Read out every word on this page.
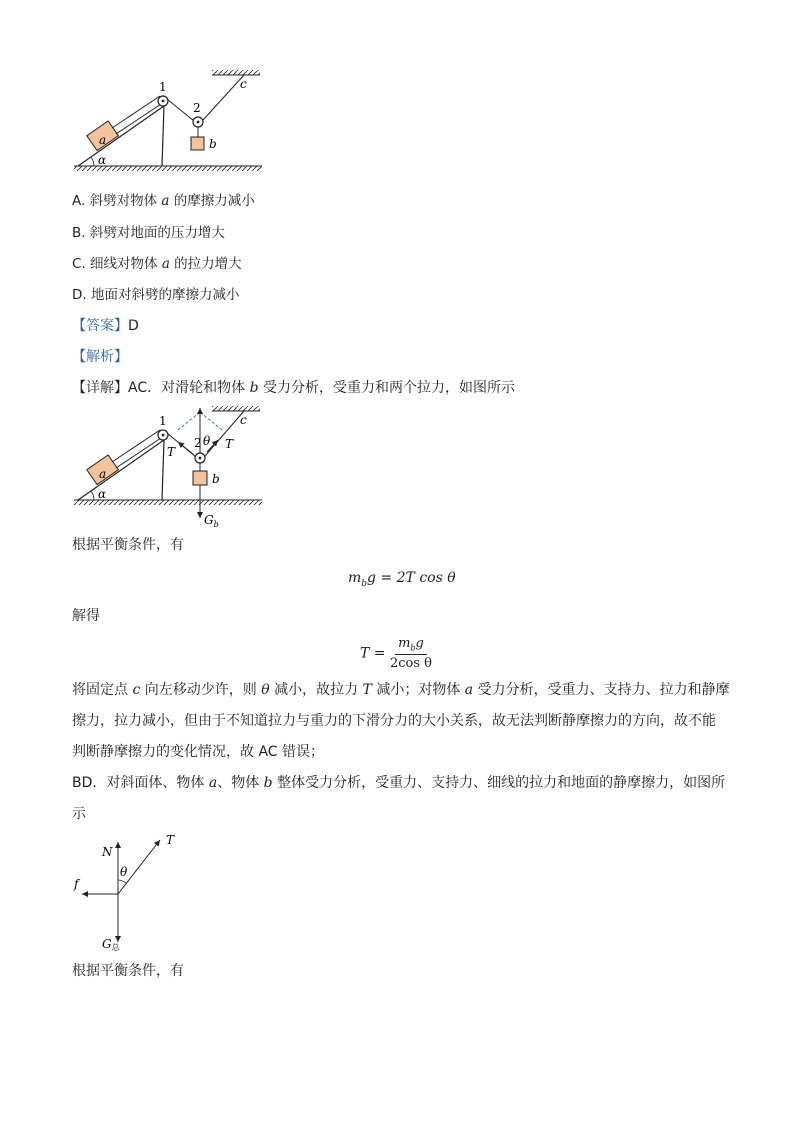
a
α
1
2
b
c
A. 斜劈对物体 a 的摩擦力减小
B. 斜劈对地面的压力增大
C. 细线对物体 a 的拉力增大
D. 地面对斜劈的摩擦力减小
【答案】D
【解析】
【详解】AC．对滑轮和物体 b 受力分析，受重力和两个拉力，如图所示
a
α
1
T
T
2 θ
b
$G_b$
c
根据平衡条件，有
$m_bg = 2T$ cos θ
解得
$T = \frac{m_bg}{\text{2cos θ}}$
将固定点 c 向左移动少许，则 θ 减小，故拉力 T 减小；对物体 a 受力分析，受重力、支持力、拉力和静摩
擦力，拉力减小，但由于不知道拉力与重力的下滑分力的大小关系，故无法判断静摩擦力的方向，故不能
判断静摩擦力的变化情况，故 AC 错误；
BD．对斜面体、物体 a、物体 b 整体受力分析，受重力、支持力、细线的拉力和地面的静摩擦力，如图所
示
N
T
f
θ
G总
根据平衡条件，有
